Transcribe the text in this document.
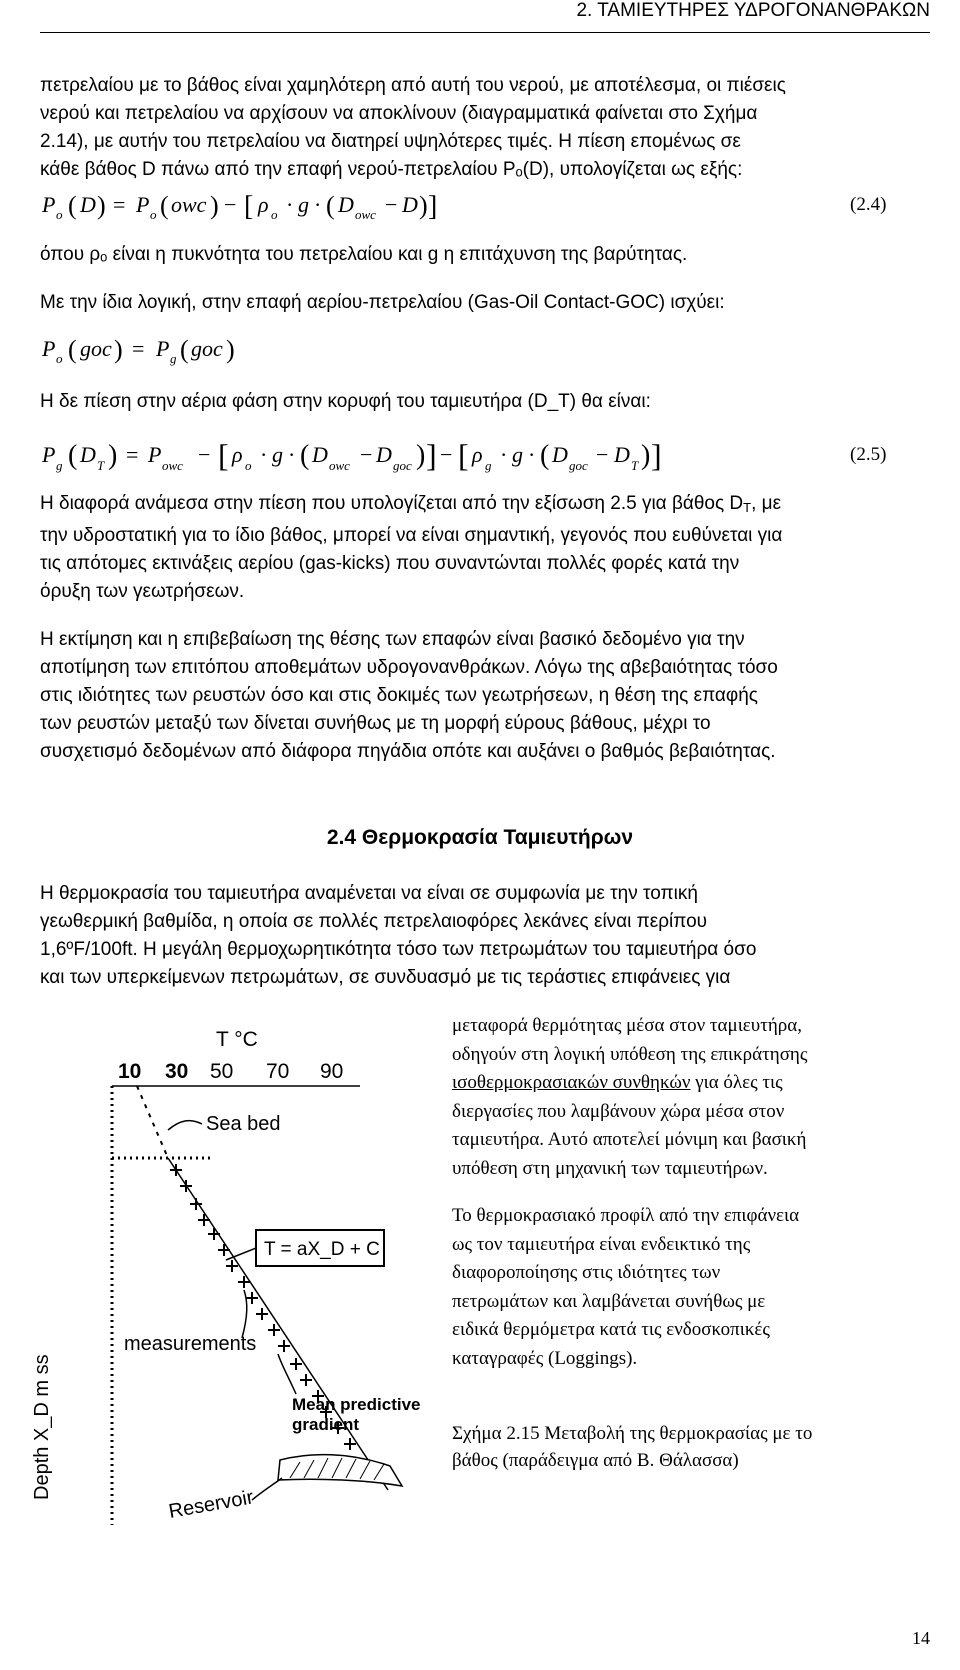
2. ΤΑΜΙΕΥΤΗΡΕΣ ΥΔΡΟΓΟΝΑΝΘΡΑΚΩΝ
πετρελαίου με το βάθος είναι χαμηλότερη από αυτή του νερού, με αποτέλεσμα, οι πιέσεις
νερού και πετρελαίου να αρχίσουν να αποκλίνουν (διαγραμματικά φαίνεται στο Σχήμα
2.14), με αυτήν του πετρελαίου να διατηρεί υψηλότερες τιμές. Η πίεση επομένως σε
κάθε βάθος D πάνω από την επαφή νερού-πετρελαίου Pₒ(D), υπολογίζεται ως εξής:
P o ( D ) = P o ( owc ) − [ ρ o · g · ( D owc − D ) ]	(2.4)
όπου ρₒ είναι η πυκνότητα του πετρελαίου και g η επιτάχυνση της βαρύτητας.
Με την ίδια λογική, στην επαφή αερίου-πετρελαίου (Gas-Oil Contact-GOC) ισχύει:
P o ( goc ) = P g ( goc )
Η δε πίεση στην αέρια φάση στην κορυφή του ταμιευτήρα (D_T) θα είναι:
P g ( D T ) = P owc − [ ρ o · g · ( D owc − D goc ) ] − [ ρ g · g · ( D goc − D T ) ]	(2.5)
Η διαφορά ανάμεσα στην πίεση που υπολογίζεται από την εξίσωση 2.5 για βάθος DT, με
την υδροστατική για το ίδιο βάθος, μπορεί να είναι σημαντική, γεγονός που ευθύνεται για
τις απότομες εκτινάξεις αερίου (gas-kicks) που συναντώνται πολλές φορές κατά την
όρυξη των γεωτρήσεων.
Η εκτίμηση και η επιβεβαίωση της θέσης των επαφών είναι βασικό δεδομένο για την
αποτίμηση των επιτόπου αποθεμάτων υδρογονανθράκων. Λόγω της αβεβαιότητας τόσο
στις ιδιότητες των ρευστών όσο και στις δοκιμές των γεωτρήσεων, η θέση της επαφής
των ρευστών μεταξύ των δίνεται συνήθως με τη μορφή εύρους βάθους, μέχρι το
συσχετισμό δεδομένων από διάφορα πηγάδια οπότε και αυξάνει ο βαθμός βεβαιότητας.
2.4 Θερμοκρασία Ταμιευτήρων
Η θερμοκρασία του ταμιευτήρα αναμένεται να είναι σε συμφωνία με την τοπική
γεωθερμική βαθμίδα, η οποία σε πολλές πετρελαιοφόρες λεκάνες είναι περίπου
1,6ºF/100ft. Η μεγάλη θερμοχωρητικότητα τόσο των πετρωμάτων του ταμιευτήρα όσο
και των υπερκείμενων πετρωμάτων, σε συνδυασμό με τις τεράστιες επιφάνειες για
μεταφορά θερμότητας μέσα στον ταμιευτήρα,
οδηγούν στη λογική υπόθεση της επικράτησης
ισοθερμοκρασιακών συνθηκών για όλες τις
διεργασίες που λαμβάνουν χώρα μέσα στον
ταμιευτήρα. Αυτό αποτελεί μόνιμη και βασική
υπόθεση στη μηχανική των ταμιευτήρων.
Το θερμοκρασιακό προφίλ από την επιφάνεια
ως τον ταμιευτήρα είναι ενδεικτικό της
διαφοροποίησης στις ιδιότητες των
πετρωμάτων και λαμβάνεται συνήθως με
ειδικά θερμόμετρα κατά τις ενδοσκοπικές
καταγραφές (Loggings).
Σχήμα 2.15 Μεταβολή της θερμοκρασίας με το
βάθος (παράδειγμα από Β. Θάλασσα)
T °C
10 30 50 70 90
Sea bed
T = aX_D + C
measurements
Mean predictive
gradient
Reservoir
Depth X_D m ss
14
